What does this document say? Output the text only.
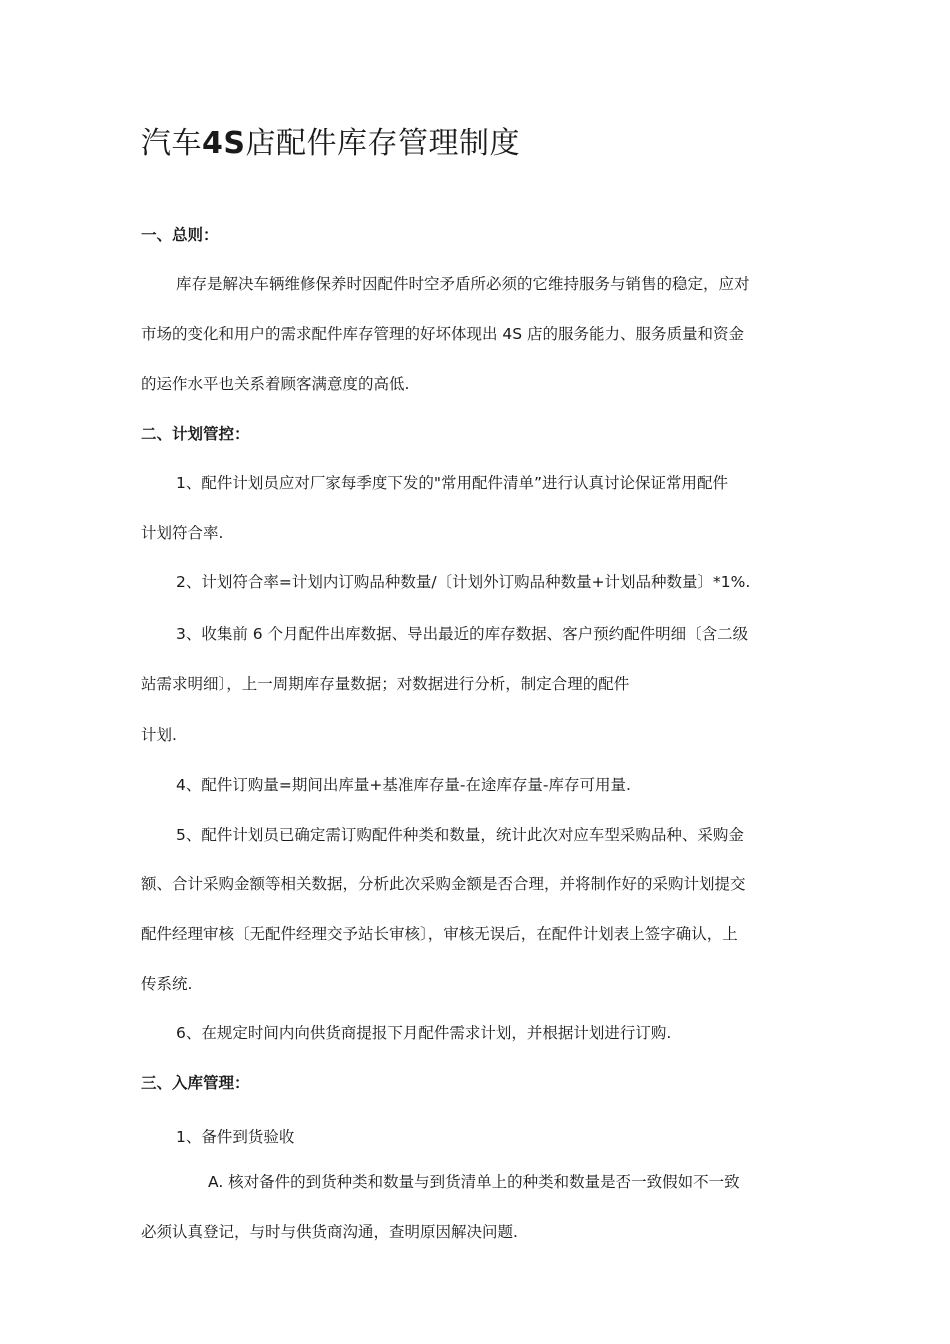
汽车4S店配件库存管理制度
一、总则：
库存是解决车辆维修保养时因配件时空矛盾所必须的它维持服务与销售的稳定，应对
市场的变化和用户的需求配件库存管理的好坏体现出 4S 店的服务能力、服务质量和资金
的运作水平也关系着顾客满意度的高低.
二、计划管控：
1、配件计划员应对厂家每季度下发的"常用配件清单”进行认真讨论保证常用配件
计划符合率.
2、计划符合率=计划内订购品种数量/〔计划外订购品种数量+计划品种数量〕*1%.
3、收集前 6 个月配件出库数据、导出最近的库存数据、客户预约配件明细〔含二级
站需求明细〕，上一周期库存量数据；对数据进行分析，制定合理的配件
计划.
4、配件订购量=期间出库量+基准库存量-在途库存量-库存可用量.
5、配件计划员已确定需订购配件种类和数量，统计此次对应车型采购品种、采购金
额、合计采购金额等相关数据，分析此次采购金额是否合理，并将制作好的采购计划提交
配件经理审核〔无配件经理交予站长审核〕，审核无误后，在配件计划表上签字确认，上
传系统.
6、在规定时间内向供货商提报下月配件需求计划，并根据计划进行订购.
三、入库管理：
1、备件到货验收
A. 核对备件的到货种类和数量与到货清单上的种类和数量是否一致假如不一致
必须认真登记，与时与供货商沟通，查明原因解决问题.
